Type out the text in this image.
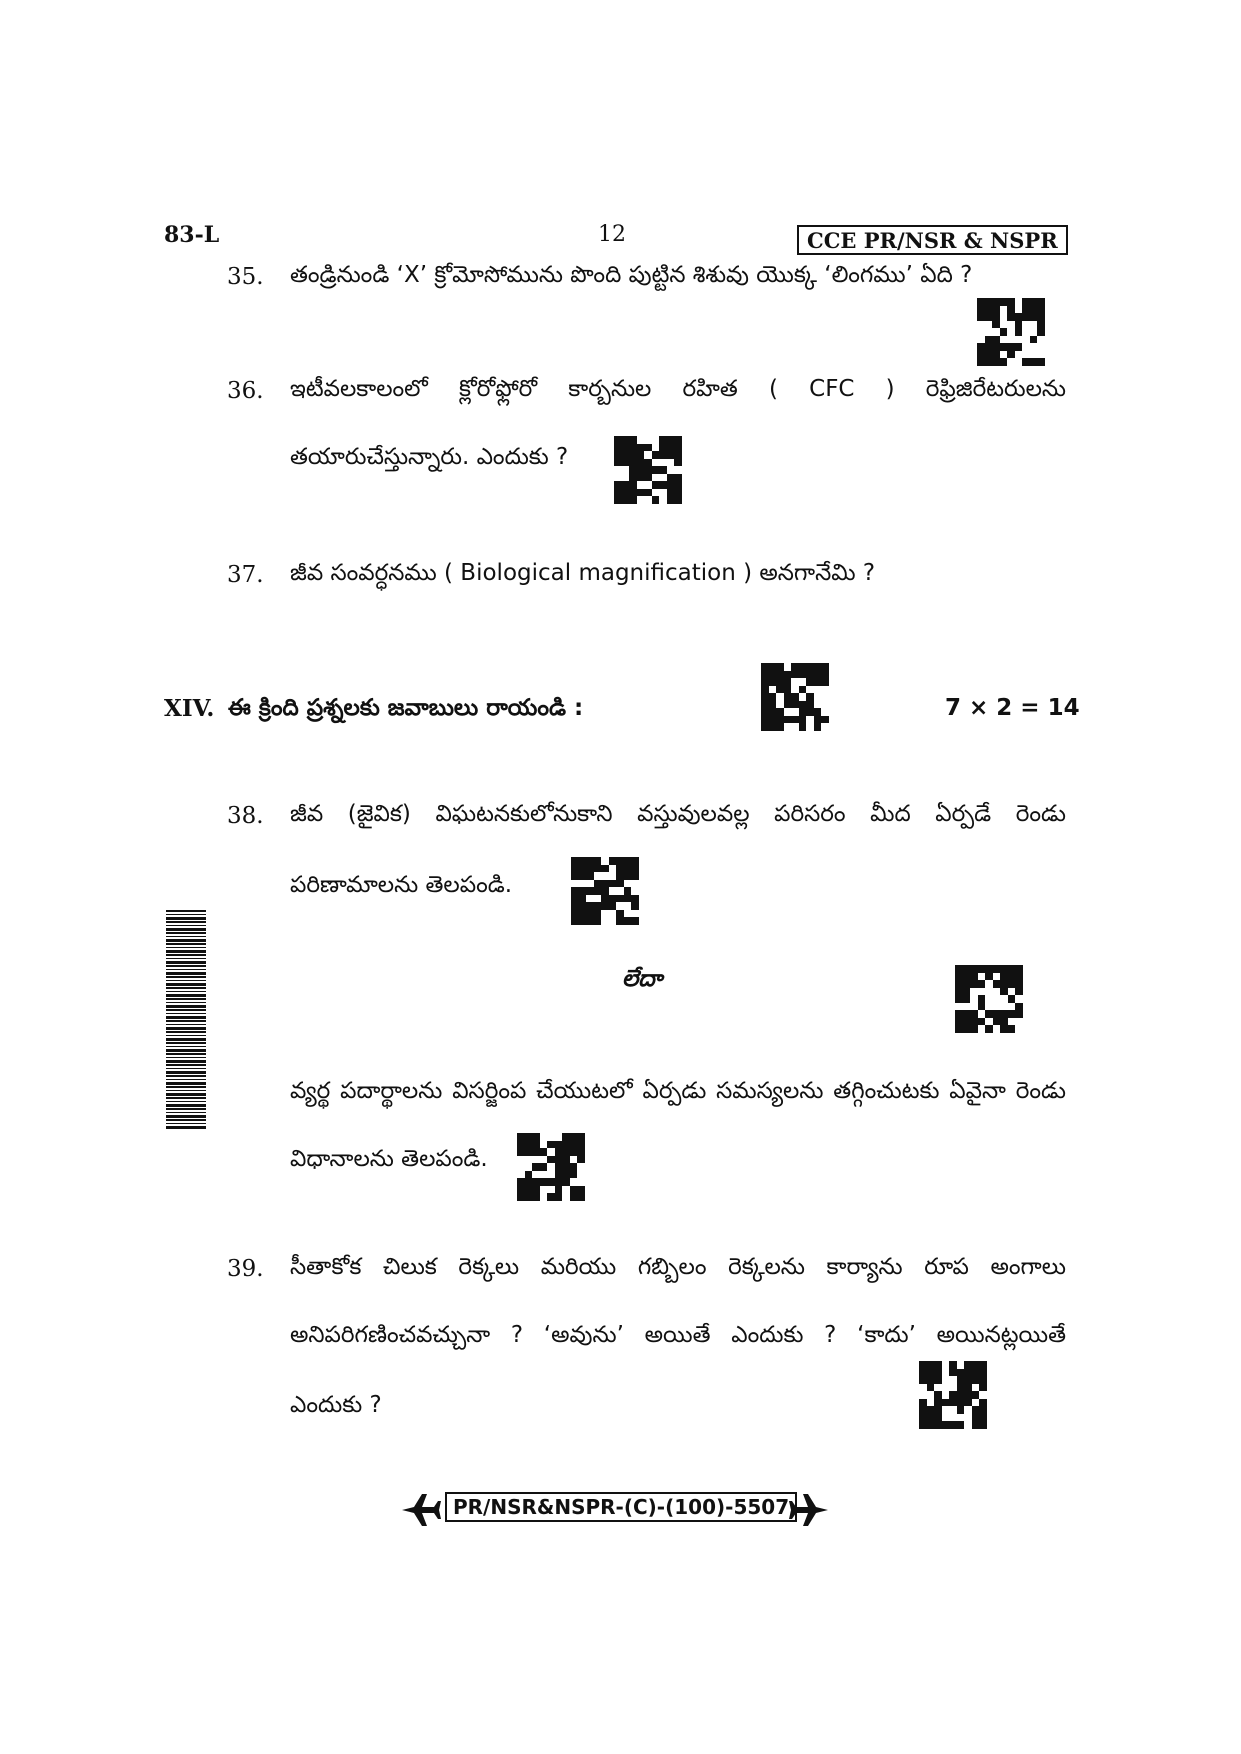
83-L	12	CCE PR/NSR & NSPR
35. తండ్రినుండి ‘X’ క్రోమోసోమును పొంది పుట్టిన శిశువు యొక్క ‘లింగము’ ఏది ?
36. ఇటీవలకాలంలో క్లోరోఫ్లోరో కార్బనుల రహిత ( CFC ) రెఫ్రిజిరేటరులను
తయారుచేస్తున్నారు. ఎందుకు ?
37. జీవ సంవర్ధనము ( Biological magnification ) అనగానేమి ?
XIV. ఈ క్రింది ప్రశ్నలకు జవాబులు రాయండి :	7 × 2 = 14
38. జీవ (జైవిక) విఘటనకులోనుకాని వస్తువులవల్ల పరిసరం మీద ఏర్పడే రెండు
పరిణామాలను తెలపండి.
లేదా
వ్యర్థ పదార్థాలను విసర్జింప చేయుటలో ఏర్పడు సమస్యలను తగ్గించుటకు ఏవైనా రెండు
విధానాలను తెలపండి.
39. సీతాకోక చిలుక రెక్కలు మరియు గబ్బిలం రెక్కలను కార్యాను రూప అంగాలు
అనిపరిగణించవచ్చునా ? ‘అవును’ అయితే ఎందుకు ? ‘కాదు’ అయినట్లయితే
ఎందుకు ?
PR/NSR&NSPR-(C)-(100)-5507
